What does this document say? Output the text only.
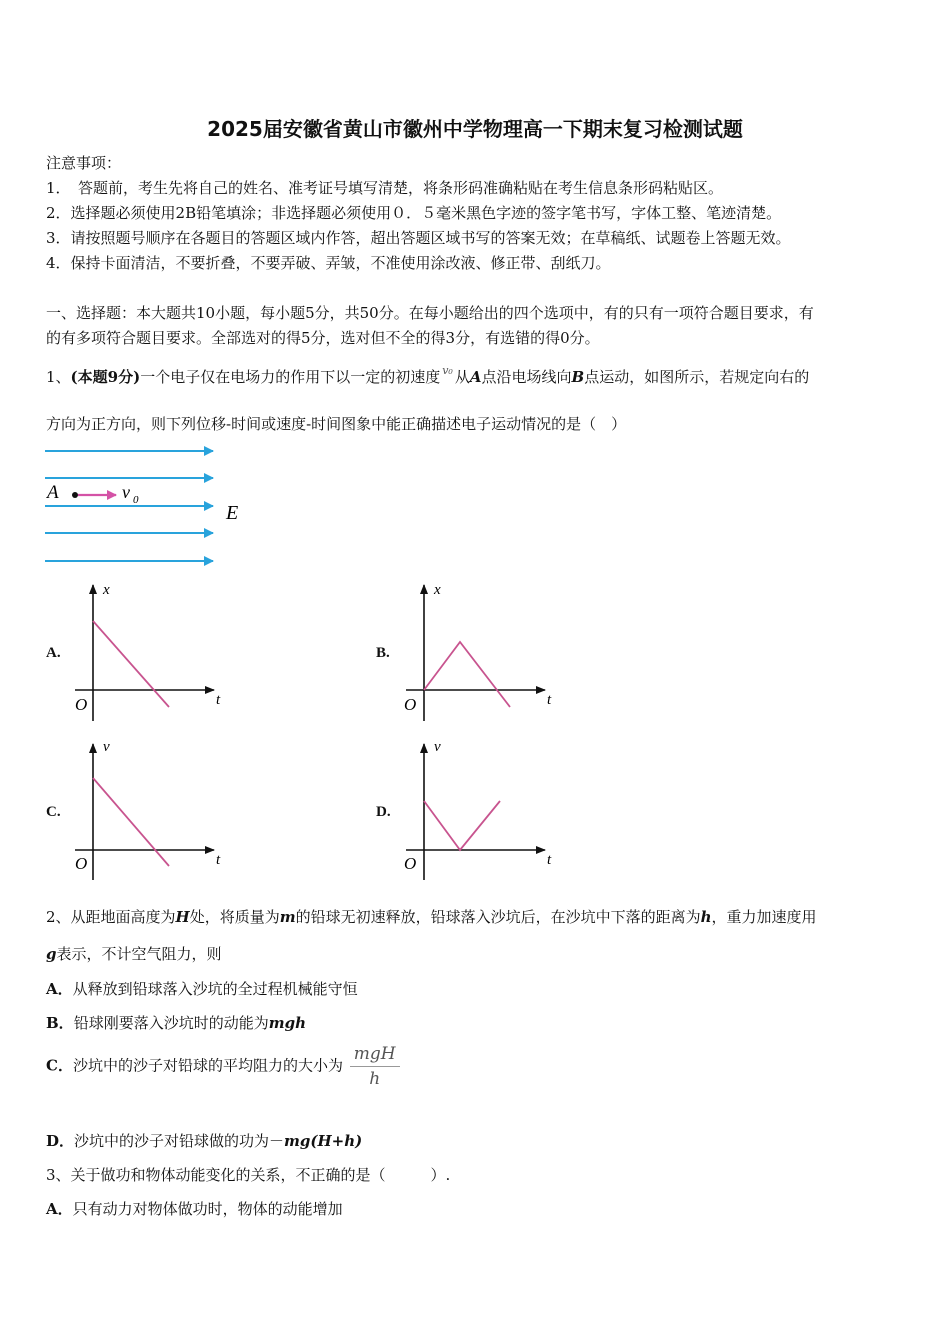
2025届安徽省黄山市徽州中学物理高一下期末复习检测试题
注意事项：
1．　答题前，考生先将自己的姓名、准考证号填写清楚，将条形码准确粘贴在考生信息条形码粘贴区。
2．选择题必须使用2B铅笔填涂；非选择题必须使用０．５毫米黑色字迹的签字笔书写，字体工整、笔迹清楚。
3．请按照题号顺序在各题目的答题区域内作答，超出答题区域书写的答案无效；在草稿纸、试题卷上答题无效。
4．保持卡面清洁，不要折叠，不要弄破、弄皱，不准使用涂改液、修正带、刮纸刀。
一、选择题：本大题共10小题，每小题5分，共50分。在每小题给出的四个选项中，有的只有一项符合题目要求，有
的有多项符合题目要求。全部选对的得5分，选对但不全的得3分，有选错的得0分。
1、(本题9分)一个电子仅在电场力的作用下以一定的初速度 $^{v_0}$ 从A点沿电场线向B点运动，如图所示，若规定向右的
方向为正方向，则下列位移-时间或速度-时间图象中能正确描述电子运动情况的是（　）
A	v 0
E
A.
x
t
O
B.
x
t
O
C.
v
t
O
D.
v
t
O
2、从距地面高度为H处，将质量为m的铅球无初速释放，铅球落入沙坑后，在沙坑中下落的距离为h，重力加速度用
g表示，不计空气阻力，则
A．从释放到铅球落入沙坑的全过程机械能守恒
B．铅球刚要落入沙坑时的动能为mgh
C．沙坑中的沙子对铅球的平均阻力的大小为 $\frac{\text{mgH}}{h}$
D．沙坑中的沙子对铅球做的功为－mg(H+h)
3、关于做功和物体动能变化的关系，不正确的是（　　　）.
A．只有动力对物体做功时，物体的动能增加
